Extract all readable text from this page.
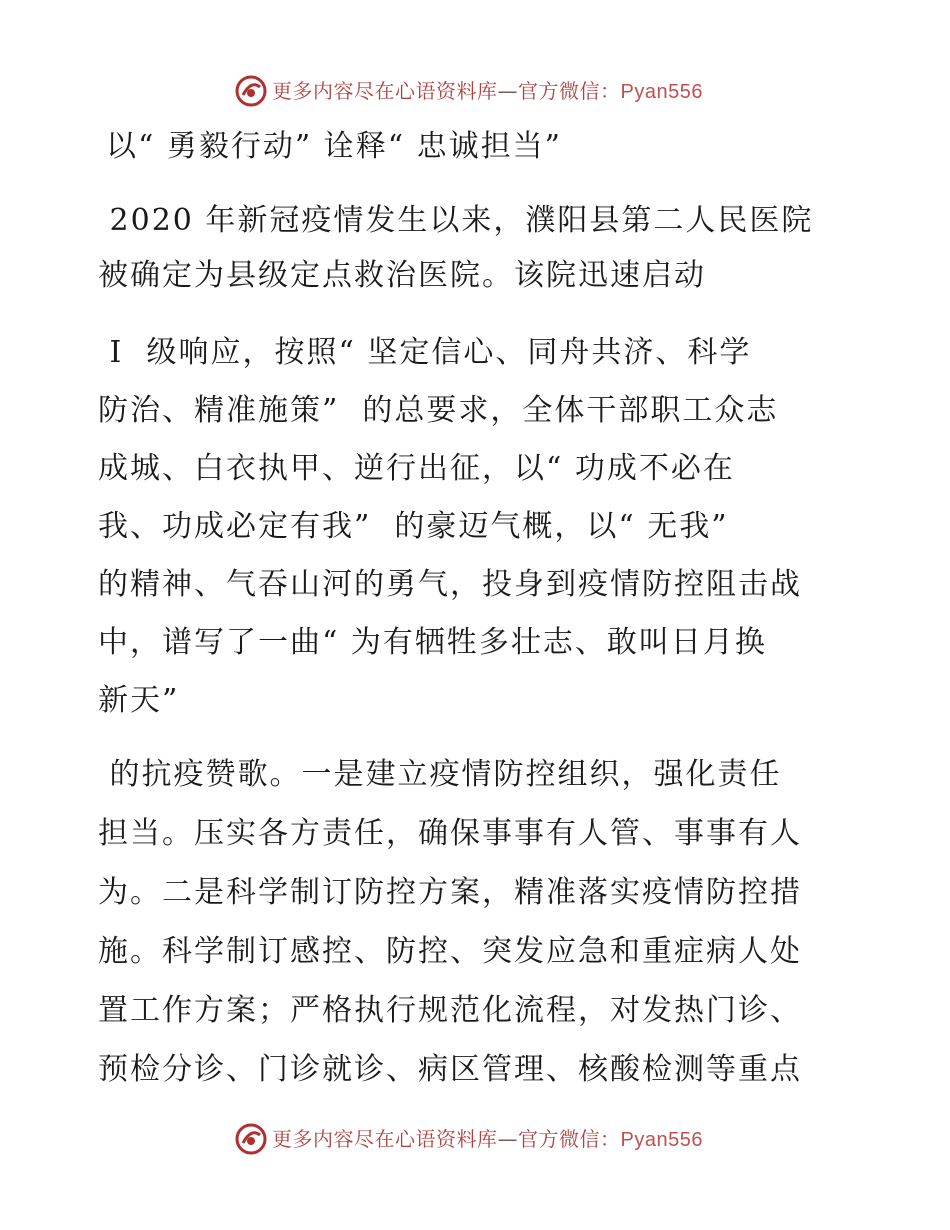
更多内容尽在心语资料库—官方微信：Pyan556
以“ 勇毅行动” 诠释“ 忠诚担当”
2020 年新冠疫情发生以来，濮阳县第二人民医院
被确定为县级定点救治医院。该院迅速启动
Ⅰ  级响应，按照“ 坚定信心、同舟共济、科学
防治、精准施策”  的总要求，全体干部职工众志
成城、白衣执甲、逆行出征，以“ 功成不必在
我、功成必定有我”  的豪迈气概，以“ 无我”
的精神、气吞山河的勇气，投身到疫情防控阻击战
中，谱写了一曲“ 为有牺牲多壮志、敢叫日月换
新天”
的抗疫赞歌。一是建立疫情防控组织，强化责任
担当。压实各方责任，确保事事有人管、事事有人
为。二是科学制订防控方案，精准落实疫情防控措
施。科学制订感控、防控、突发应急和重症病人处
置工作方案；严格执行规范化流程，对发热门诊、
预检分诊、门诊就诊、病区管理、核酸检测等重点
更多内容尽在心语资料库—官方微信：Pyan556
